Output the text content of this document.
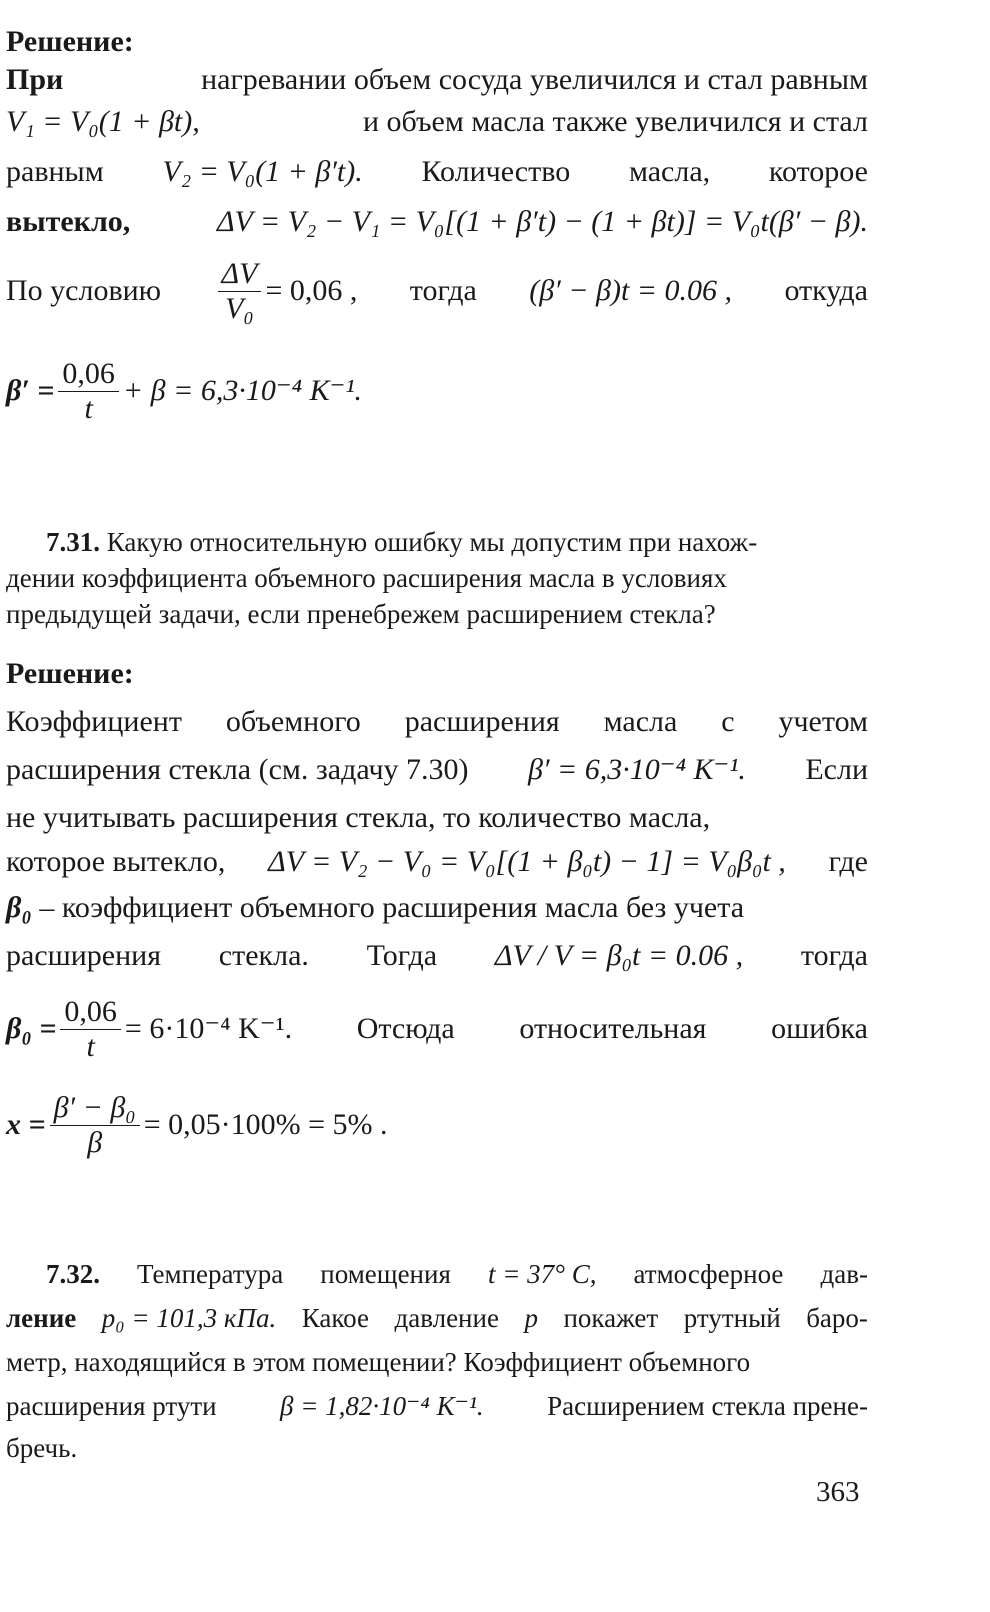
Решение:
При	нагревании объем сосуда увеличился и стал равным
V₁ = V₀(1 + βt),	и объем масла также увеличился и стал
равным V₂ = V₀(1 + β′t). Количество масла, которое
вытекло,	ΔV = V₂ − V₁ = V₀[(1 + β′t) − (1 + βt)] = V₀t(β′ − β).
По условию $\frac{\Delta V}{\text{V₀}} = 0,06$ , тогда (β′ − β)t = 0.06 , откуда
$\beta' = \frac{0,06}{t} + \beta = 6,3\cdot 10^{-4}$ K⁻¹.
7.31. Какую относительную ошибку мы допустим при нахож-
дении коэффициента объемного расширения масла в условиях
предыдущей задачи, если пренебрежем расширением стекла?
Решение:
Коэффициент объемного расширения масла с учетом
расширения стекла (см. задачу 7.30) β′ = 6,3·10⁻⁴ K⁻¹. Если
не учитывать расширения стекла, то количество масла,
которое вытекло, ΔV = V₂ − V₀ = V₀[(1 + β₀t) − 1] = V₀β₀t , где
β₀ – коэффициент объемного расширения масла без учета
расширения стекла. Тогда ΔV / V = β₀t = 0.06 , тогда
$\beta_0 = \frac{0,06}{t} = 6\cdot 10^{-4}$ K⁻¹. Отсюда относительная ошибка
$x = \frac{\text{β′ − β₀}}{\beta} = 0,05\cdot 100\% = 5\%$ .
7.32. Температура помещения t = 37° C, атмосферное дав-
ление p₀ = 101,3 кПа. Какое давление p покажет ртутный баро-
метр, находящийся в этом помещении? Коэффициент объемного
расширения ртути β = 1,82·10⁻⁴ K⁻¹. Расширением стекла прене-
бречь.
363
